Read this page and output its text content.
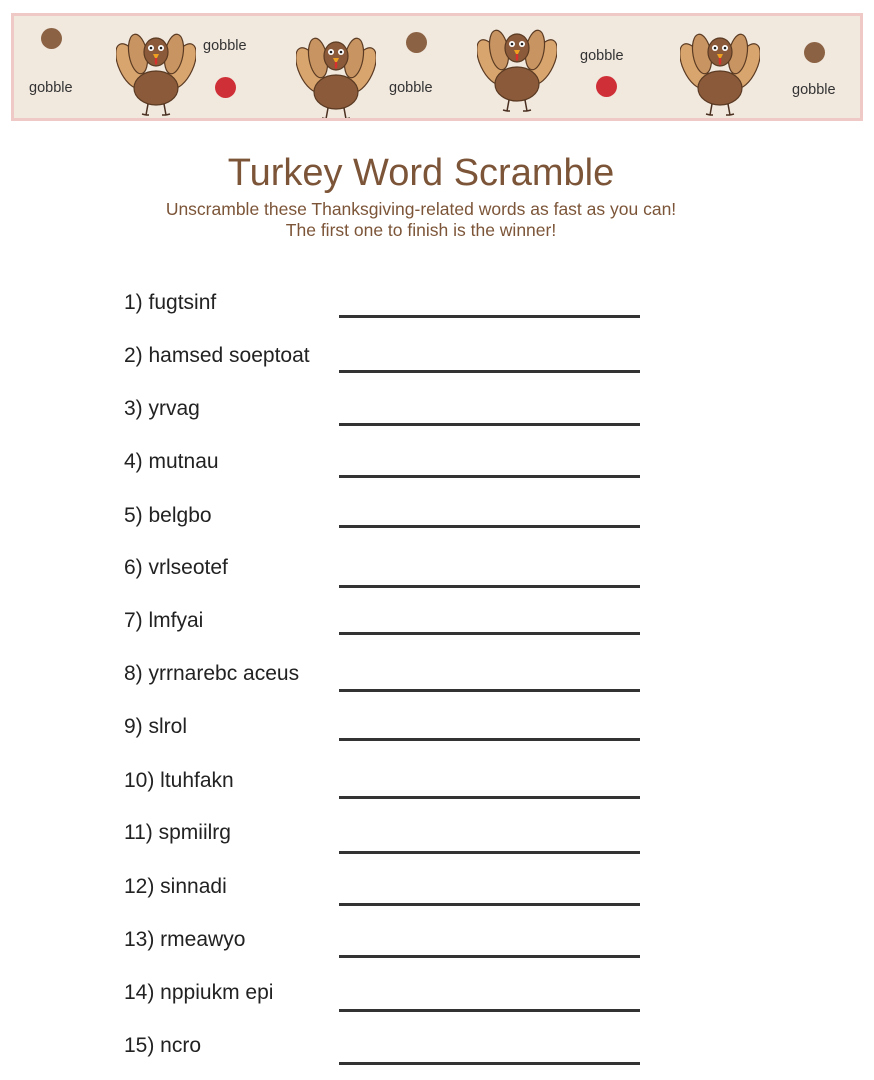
gobble
gobble
gobble
gobble
gobble
Turkey Word Scramble
Unscramble these Thanksgiving-related words as fast as you can!
The first one to finish is the winner!
1) fugtsinf
2) hamsed soeptoat
3) yrvag
4) mutnau
5) belgbo
6) vrlseotef
7) lmfyai
8) yrrnarebc aceus
9) slrol
10) ltuhfakn
11) spmiilrg
12) sinnadi
13) rmeawyo
14) nppiukm epi
15) ncro
